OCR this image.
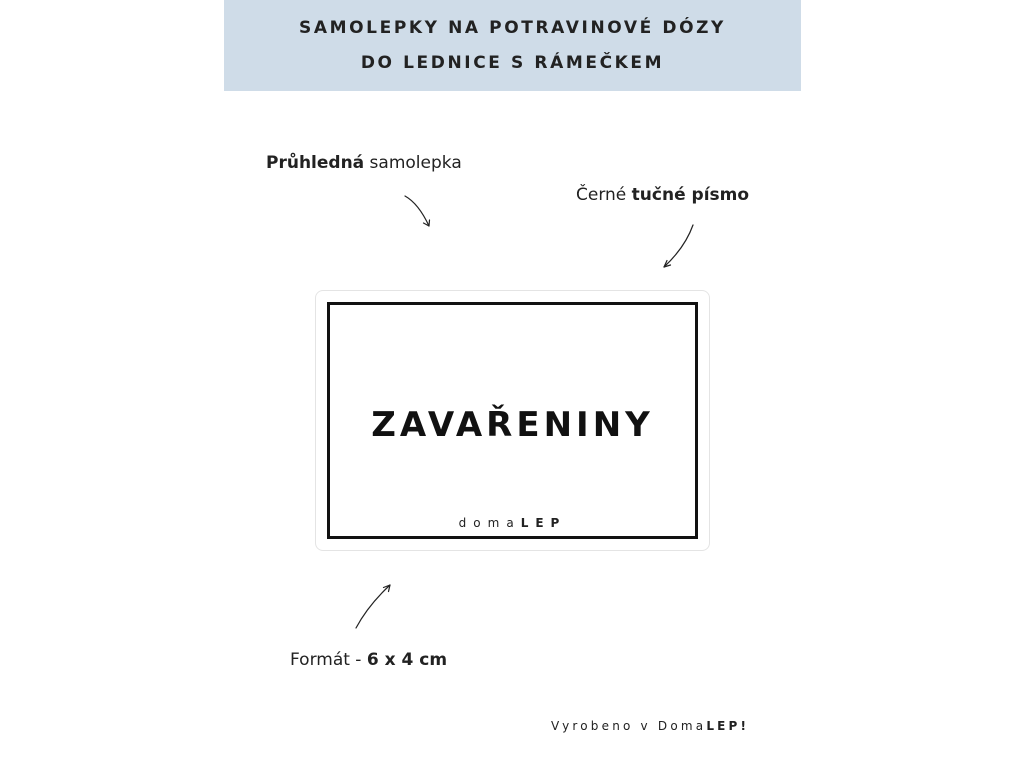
SAMOLEPKY NA POTRAVINOVÉ DÓZY
DO LEDNICE S RÁMEČKEM
Průhledná samolepka
Černé tučné písmo
ZAVAŘENINY
domaLEP
Formát - 6 x 4 cm
Vyrobeno v DomaLEP!
